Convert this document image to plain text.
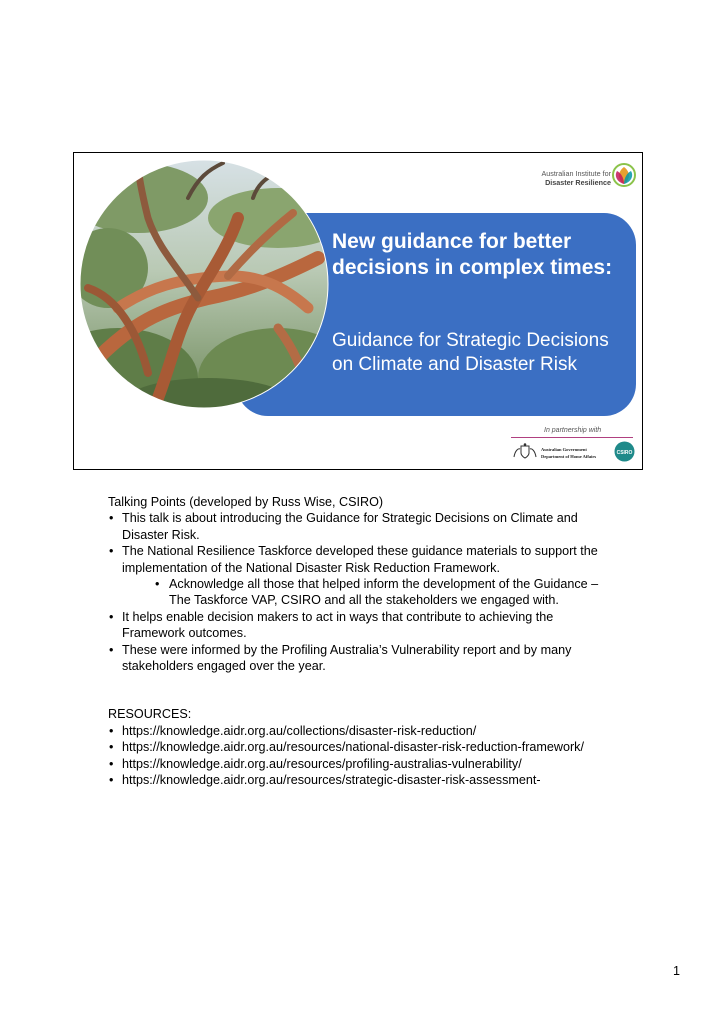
New guidance for better decisions in complex times:
Guidance for Strategic Decisions on Climate and Disaster Risk
Australian Institute for
Disaster Resilience
In partnership with
Australian Government
Department of Home Affairs
CSIRO

Talking Points (developed by Russ Wise, CSIRO)

• This talk is about introducing the Guidance for Strategic Decisions on Climate and Disaster Risk.
• The National Resilience Taskforce developed these guidance materials to support the implementation of the National Disaster Risk Reduction Framework.
• Acknowledge all those that helped inform the development of the Guidance – The Taskforce VAP, CSIRO and all the stakeholders we engaged with.
• It helps enable decision makers to act in ways that contribute to achieving the Framework outcomes.
• These were informed by the Profiling Australia’s Vulnerability report and by many stakeholders engaged over the year.

RESOURCES:

• https://knowledge.aidr.org.au/collections/disaster-risk-reduction/
• https://knowledge.aidr.org.au/resources/national-disaster-risk-reduction-framework/
• https://knowledge.aidr.org.au/resources/profiling-australias-vulnerability/
• https://knowledge.aidr.org.au/resources/strategic-disaster-risk-assessment-
1
